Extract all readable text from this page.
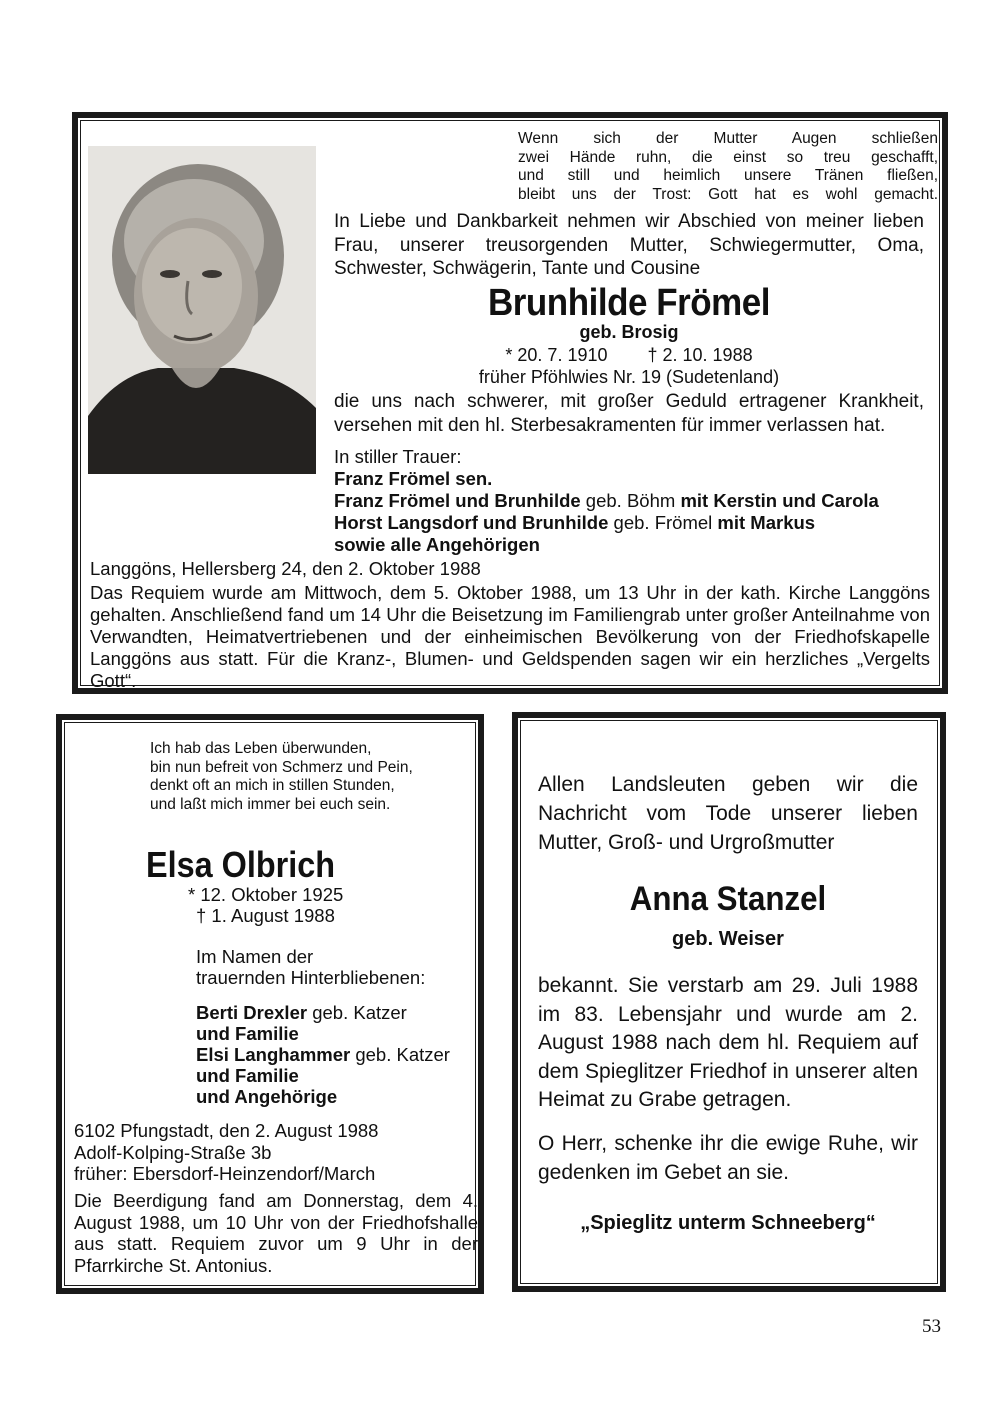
Wenn sich der Mutter Augen schließen
zwei Hände ruhn, die einst so treu geschafft,
und still und heimlich unsere Tränen fließen,
bleibt uns der Trost: Gott hat es wohl gemacht.
In Liebe und Dankbarkeit nehmen wir Abschied von meiner lieben Frau, unserer treusorgenden Mutter, Schwiegermutter, Oma, Schwester, Schwägerin, Tante und Cousine
Brunhilde Frömel
geb. Brosig
* 20. 7. 1910 † 2. 10. 1988
früher Pföhlwies Nr. 19 (Sudetenland)
die uns nach schwerer, mit großer Geduld ertragener Krankheit, versehen mit den hl. Sterbesakramenten für immer verlassen hat.
In stiller Trauer:
Franz Frömel sen.
Franz Frömel und Brunhilde geb. Böhm mit Kerstin und Carola
Horst Langsdorf und Brunhilde geb. Frömel mit Markus
sowie alle Angehörigen
Langgöns, Hellersberg 24, den 2. Oktober 1988
Das Requiem wurde am Mittwoch, dem 5. Oktober 1988, um 13 Uhr in der kath. Kirche Langgöns gehalten. Anschließend fand um 14 Uhr die Beisetzung im Familiengrab unter großer Anteilnahme von Verwandten, Heimatvertriebenen und der einheimischen Bevölkerung von der Friedhofskapelle Langgöns aus statt. Für die Kranz-, Blumen- und Geldspenden sagen wir ein herzliches „Vergelts Gott“.
Ich hab das Leben überwunden,
bin nun befreit von Schmerz und Pein,
denkt oft an mich in stillen Stunden,
und laßt mich immer bei euch sein.
Elsa Olbrich
* 12. Oktober 1925
† 1. August 1988
Im Namen der
trauernden Hinterbliebenen:
Berti Drexler geb. Katzer
und Familie
Elsi Langhammer geb. Katzer
und Familie
und Angehörige
6102 Pfungstadt, den 2. August 1988
Adolf-Kolping-Straße 3b
früher: Ebersdorf-Heinzendorf/March
Die Beerdigung fand am Donnerstag, dem 4. August 1988, um 10 Uhr von der Friedhofshalle aus statt. Requiem zuvor um 9 Uhr in der Pfarrkirche St. Antonius.
Allen Landsleuten geben wir die Nachricht vom Tode unserer lieben Mutter, Groß- und Urgroßmutter
Anna Stanzel
geb. Weiser
bekannt. Sie verstarb am 29. Juli 1988 im 83. Lebensjahr und wurde am 2. August 1988 nach dem hl. Requiem auf dem Spieglitzer Friedhof in unserer alten Heimat zu Grabe getragen.
O Herr, schenke ihr die ewige Ruhe, wir gedenken im Gebet an sie.
„Spieglitz unterm Schneeberg“
53
